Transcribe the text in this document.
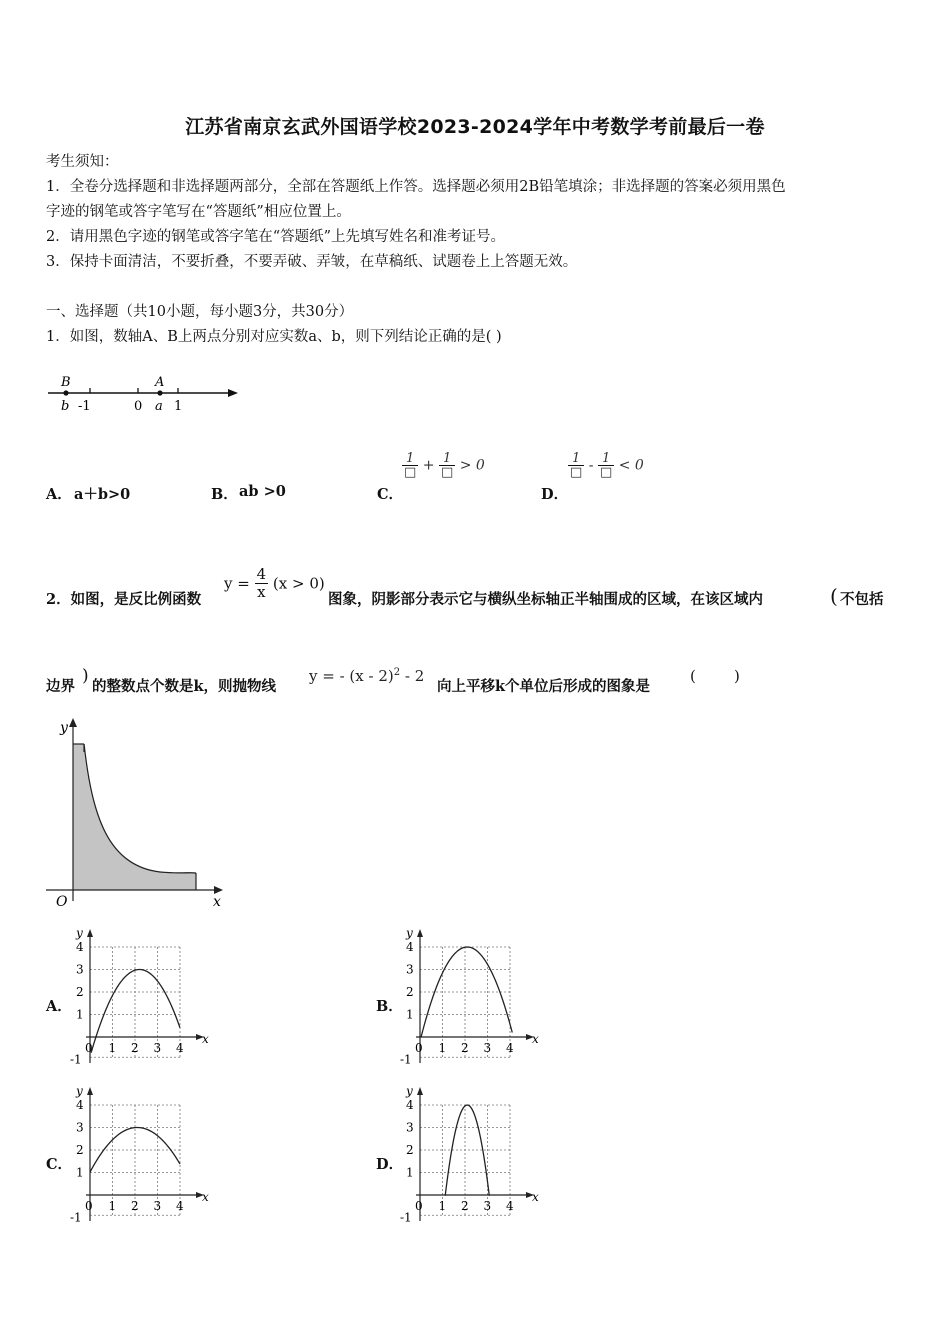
江苏省南京玄武外国语学校2023-2024学年中考数学考前最后一卷
考生须知：
1．全卷分选择题和非选择题两部分，全部在答题纸上作答。选择题必须用2B铅笔填涂；非选择题的答案必须用黑色
字迹的钢笔或答字笔写在“答题纸”相应位置上。
2．请用黑色字迹的钢笔或答字笔在“答题纸”上先填写姓名和准考证号。
3．保持卡面清洁，不要折叠，不要弄破、弄皱，在草稿纸、试题卷上上答题无效。
一、选择题（共10小题，每小题3分，共30分）
1．如图，数轴A、B上两点分别对应实数a、b，则下列结论正确的是( )
B	A
b -1	0 a 1
A． a＋b>0	B． ab >0	C．	D．
$\frac{1}{□} + \frac{1}{□} > 0$	$\frac{1}{□} - \frac{1}{□} < 0$
2．如图，是反比例函数
$y = \frac{4}{x} (x > 0)$
图象，阴影部分表示它与横纵坐标轴正半轴围成的区域，在该区域内	( 不包括
边界
)
的整数点个数是k，则抛物线
y = - (x - 2)$^2$ - 2
向上平移k个单位后形成的图象是
(        )
y
x
O
A．	B．
C．	D．
y
x
4
3
2
1
-1
0 1 2 3 4
y
x
4
3
2
1
-1
0 1 2 3 4
y
x
4
3
2
1
-1
0 1 2 3 4
y
x
4
3
2
1
-1
0 1 2 3 4
